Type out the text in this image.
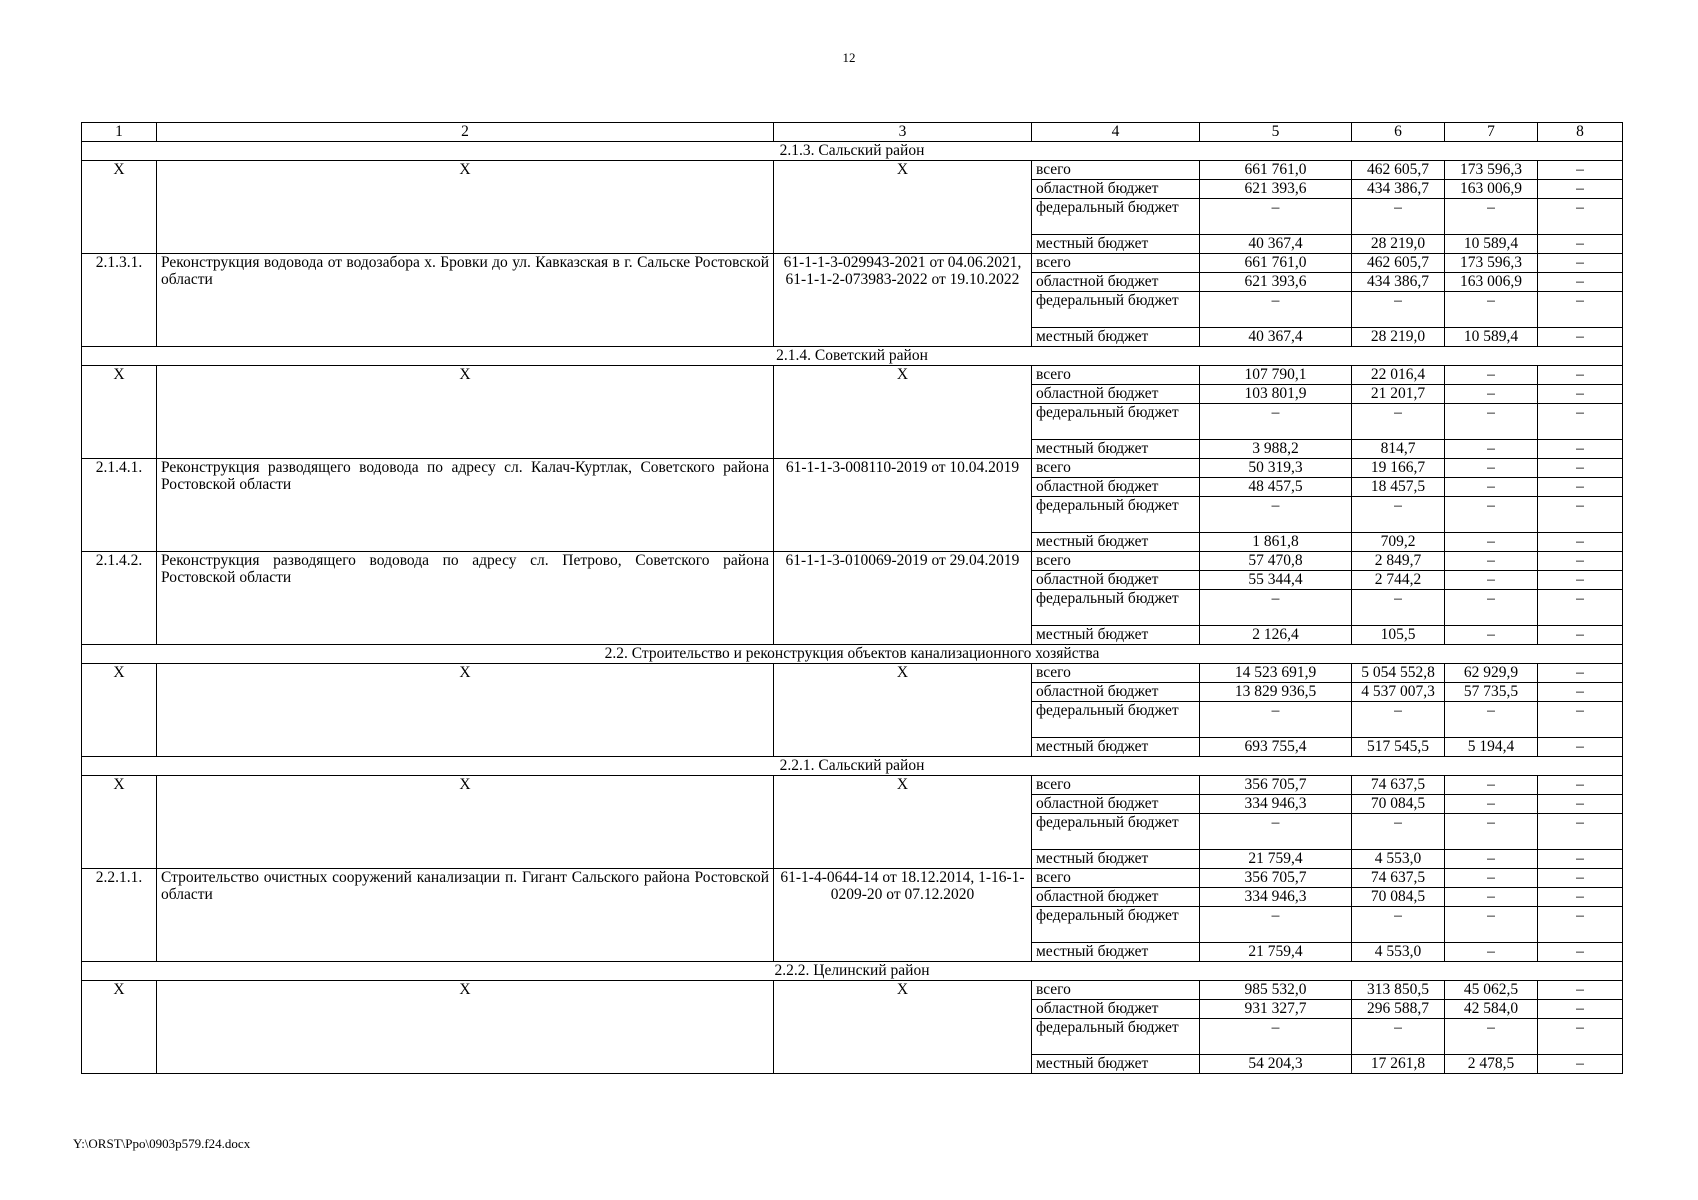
12
1	2	3	4	5	6	7	8
2.1.3. Сальский район							
X	X	X	всего	661 761,0	462 605,7	173 596,3	–
			областной бюджет	621 393,6	434 386,7	163 006,9	–
			федеральный бюджет	–	–	–	–
			местный бюджет	40 367,4	28 219,0	10 589,4	–
2.1.3.1.	Реконструкция водовода от водозабора х. Бровки до ул. Кавказская в г. Сальске Ростовской области	61-1-1-3-029943-2021 от 04.06.2021, 61-1-1-2-073983-2022 от 19.10.2022	всего	661 761,0	462 605,7	173 596,3	–
			областной бюджет	621 393,6	434 386,7	163 006,9	–
			федеральный бюджет	–	–	–	–
			местный бюджет	40 367,4	28 219,0	10 589,4	–
2.1.4. Советский район							
X	X	X	всего	107 790,1	22 016,4	–	–
			областной бюджет	103 801,9	21 201,7	–	–
			федеральный бюджет	–	–	–	–
			местный бюджет	3 988,2	814,7	–	–
2.1.4.1.	Реконструкция разводящего водовода по адресу сл. Калач-Куртлак, Советского района Ростовской области	61-1-1-3-008110-2019 от 10.04.2019	всего	50 319,3	19 166,7	–	–
			областной бюджет	48 457,5	18 457,5	–	–
			федеральный бюджет	–	–	–	–
			местный бюджет	1 861,8	709,2	–	–
2.1.4.2.	Реконструкция разводящего водовода по адресу сл. Петрово, Советского района Ростовской области	61-1-1-3-010069-2019 от 29.04.2019	всего	57 470,8	2 849,7	–	–
			областной бюджет	55 344,4	2 744,2	–	–
			федеральный бюджет	–	–	–	–
			местный бюджет	2 126,4	105,5	–	–
2.2. Строительство и реконструкция объектов канализационного хозяйства							
X	X	X	всего	14 523 691,9	5 054 552,8	62 929,9	–
			областной бюджет	13 829 936,5	4 537 007,3	57 735,5	–
			федеральный бюджет	–	–	–	–
			местный бюджет	693 755,4	517 545,5	5 194,4	–
2.2.1. Сальский район							
X	X	X	всего	356 705,7	74 637,5	–	–
			областной бюджет	334 946,3	70 084,5	–	–
			федеральный бюджет	–	–	–	–
			местный бюджет	21 759,4	4 553,0	–	–
2.2.1.1.	Строительство очистных сооружений канализации п. Гигант Сальского района Ростовской области	61-1-4-0644-14 от 18.12.2014, 1-16-1-0209-20 от 07.12.2020	всего	356 705,7	74 637,5	–	–
			областной бюджет	334 946,3	70 084,5	–	–
			федеральный бюджет	–	–	–	–
			местный бюджет	21 759,4	4 553,0	–	–
2.2.2. Целинский район							
X	X	X	всего	985 532,0	313 850,5	45 062,5	–
			областной бюджет	931 327,7	296 588,7	42 584,0	–
			федеральный бюджет	–	–	–	–
			местный бюджет	54 204,3	17 261,8	2 478,5	–
Y:\ORST\Ppo\0903p579.f24.docx
